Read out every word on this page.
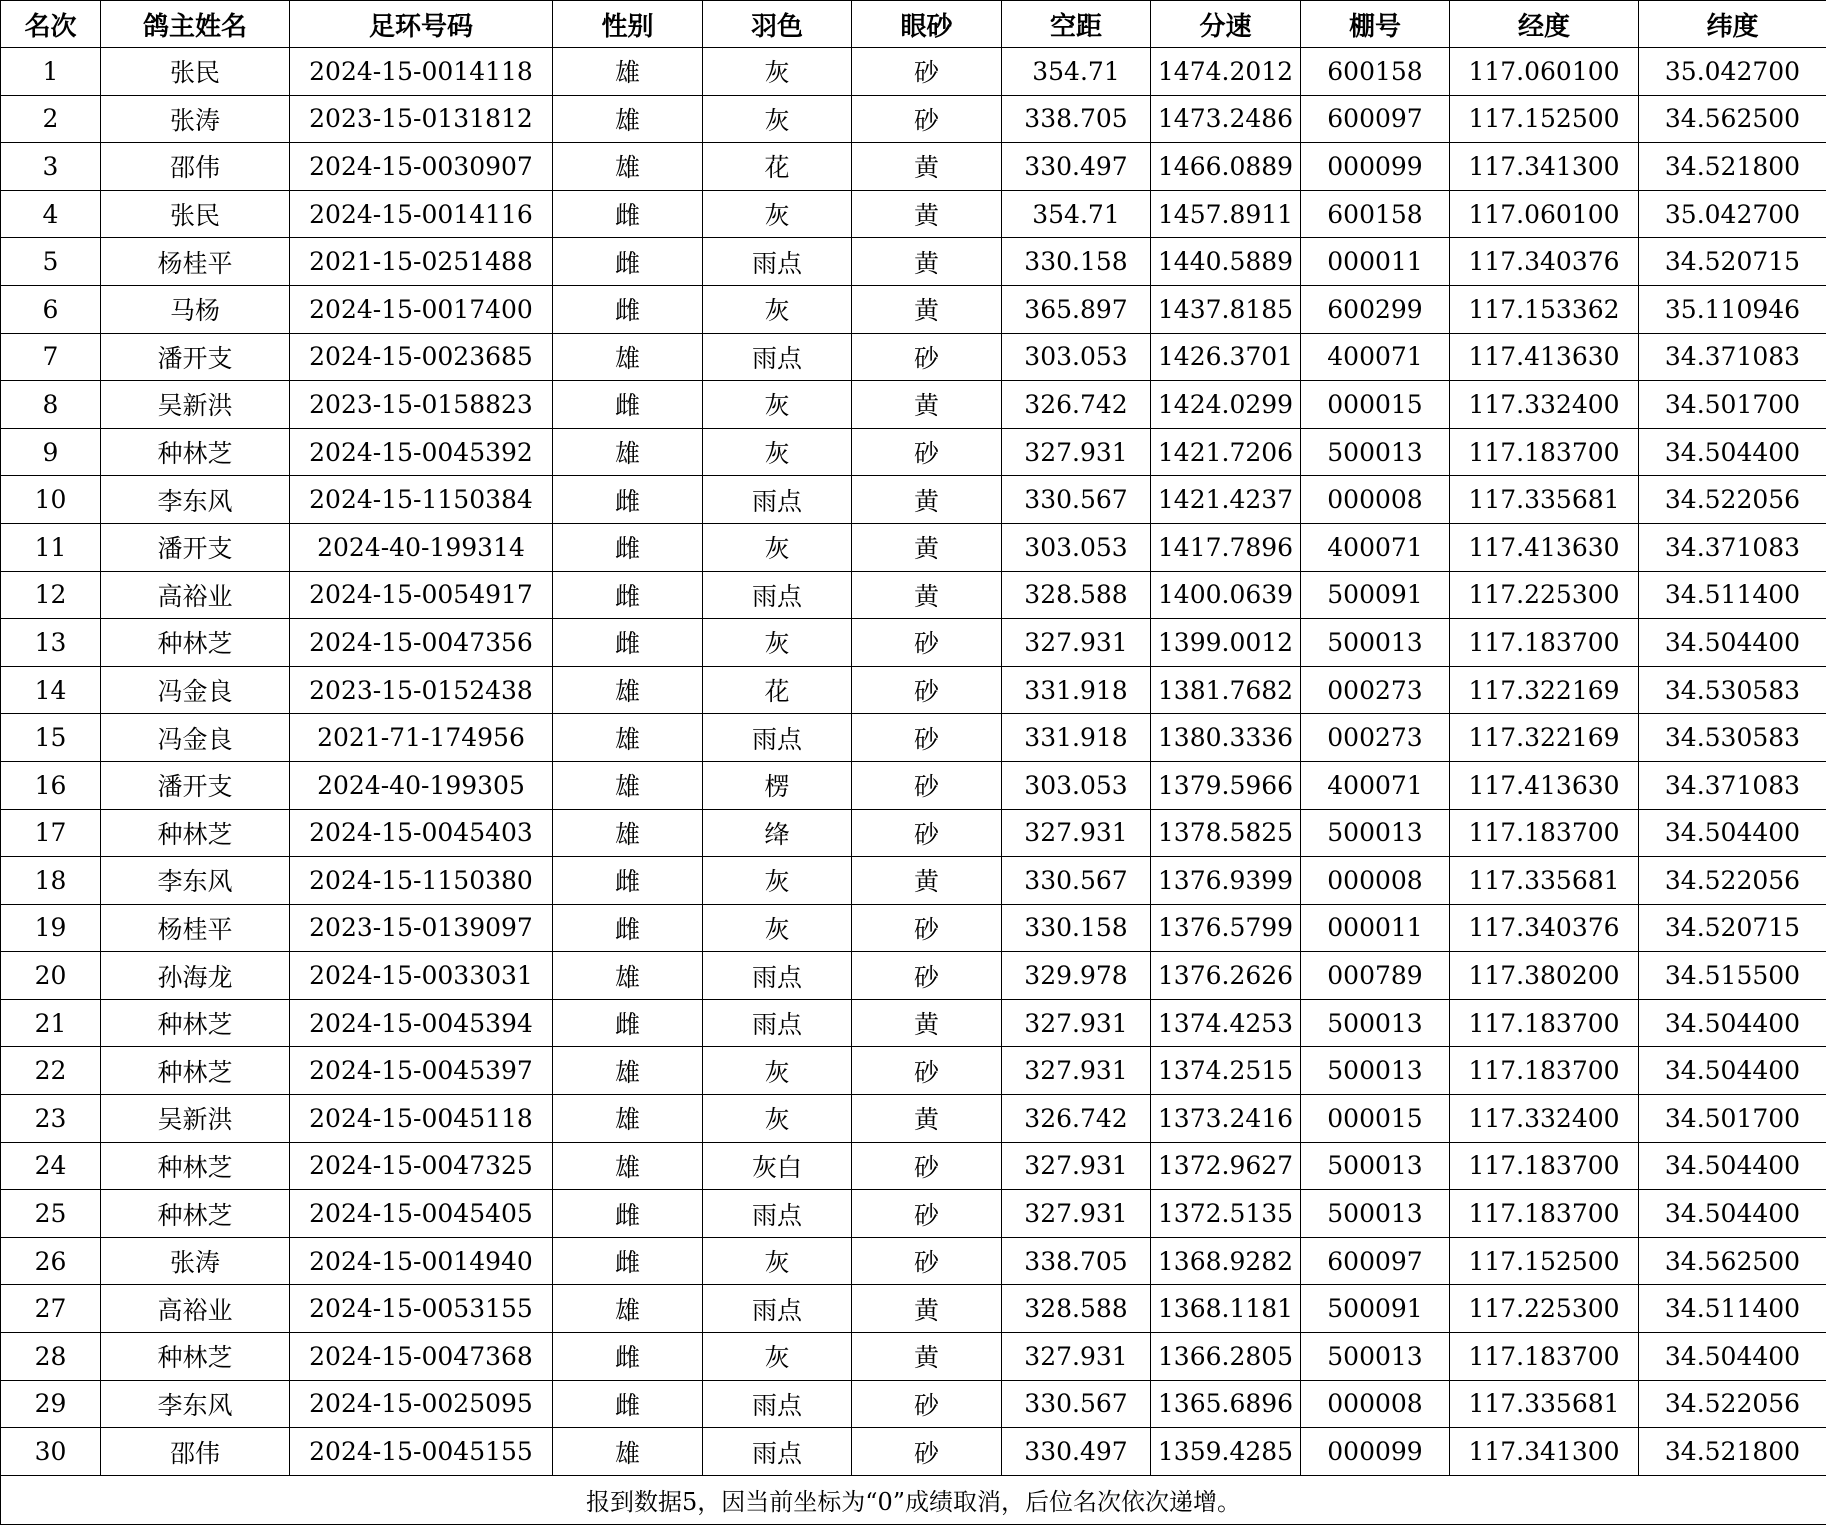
名次	鸽主姓名	足环号码	性别	羽色	眼砂	空距	分速	棚号	经度	纬度
1	张民	2024-15-0014118	雄	灰	砂	354.71	1474.2012	600158	117.060100	35.042700
2	张涛	2023-15-0131812	雄	灰	砂	338.705	1473.2486	600097	117.152500	34.562500
3	邵伟	2024-15-0030907	雄	花	黄	330.497	1466.0889	000099	117.341300	34.521800
4	张民	2024-15-0014116	雌	灰	黄	354.71	1457.8911	600158	117.060100	35.042700
5	杨桂平	2021-15-0251488	雌	雨点	黄	330.158	1440.5889	000011	117.340376	34.520715
6	马杨	2024-15-0017400	雌	灰	黄	365.897	1437.8185	600299	117.153362	35.110946
7	潘开支	2024-15-0023685	雄	雨点	砂	303.053	1426.3701	400071	117.413630	34.371083
8	吴新洪	2023-15-0158823	雌	灰	黄	326.742	1424.0299	000015	117.332400	34.501700
9	种林芝	2024-15-0045392	雄	灰	砂	327.931	1421.7206	500013	117.183700	34.504400
10	李东风	2024-15-1150384	雌	雨点	黄	330.567	1421.4237	000008	117.335681	34.522056
11	潘开支	2024-40-199314	雌	灰	黄	303.053	1417.7896	400071	117.413630	34.371083
12	高裕业	2024-15-0054917	雌	雨点	黄	328.588	1400.0639	500091	117.225300	34.511400
13	种林芝	2024-15-0047356	雌	灰	砂	327.931	1399.0012	500013	117.183700	34.504400
14	冯金良	2023-15-0152438	雄	花	砂	331.918	1381.7682	000273	117.322169	34.530583
15	冯金良	2021-71-174956	雄	雨点	砂	331.918	1380.3336	000273	117.322169	34.530583
16	潘开支	2024-40-199305	雄	楞	砂	303.053	1379.5966	400071	117.413630	34.371083
17	种林芝	2024-15-0045403	雄	绛	砂	327.931	1378.5825	500013	117.183700	34.504400
18	李东风	2024-15-1150380	雌	灰	黄	330.567	1376.9399	000008	117.335681	34.522056
19	杨桂平	2023-15-0139097	雌	灰	砂	330.158	1376.5799	000011	117.340376	34.520715
20	孙海龙	2024-15-0033031	雄	雨点	砂	329.978	1376.2626	000789	117.380200	34.515500
21	种林芝	2024-15-0045394	雌	雨点	黄	327.931	1374.4253	500013	117.183700	34.504400
22	种林芝	2024-15-0045397	雄	灰	砂	327.931	1374.2515	500013	117.183700	34.504400
23	吴新洪	2024-15-0045118	雄	灰	黄	326.742	1373.2416	000015	117.332400	34.501700
24	种林芝	2024-15-0047325	雄	灰白	砂	327.931	1372.9627	500013	117.183700	34.504400
25	种林芝	2024-15-0045405	雌	雨点	砂	327.931	1372.5135	500013	117.183700	34.504400
26	张涛	2024-15-0014940	雌	灰	砂	338.705	1368.9282	600097	117.152500	34.562500
27	高裕业	2024-15-0053155	雄	雨点	黄	328.588	1368.1181	500091	117.225300	34.511400
28	种林芝	2024-15-0047368	雌	灰	黄	327.931	1366.2805	500013	117.183700	34.504400
29	李东风	2024-15-0025095	雌	雨点	砂	330.567	1365.6896	000008	117.335681	34.522056
30	邵伟	2024-15-0045155	雄	雨点	砂	330.497	1359.4285	000099	117.341300	34.521800
报到数据5，因当前坐标为“0”成绩取消，后位名次依次递增。										
